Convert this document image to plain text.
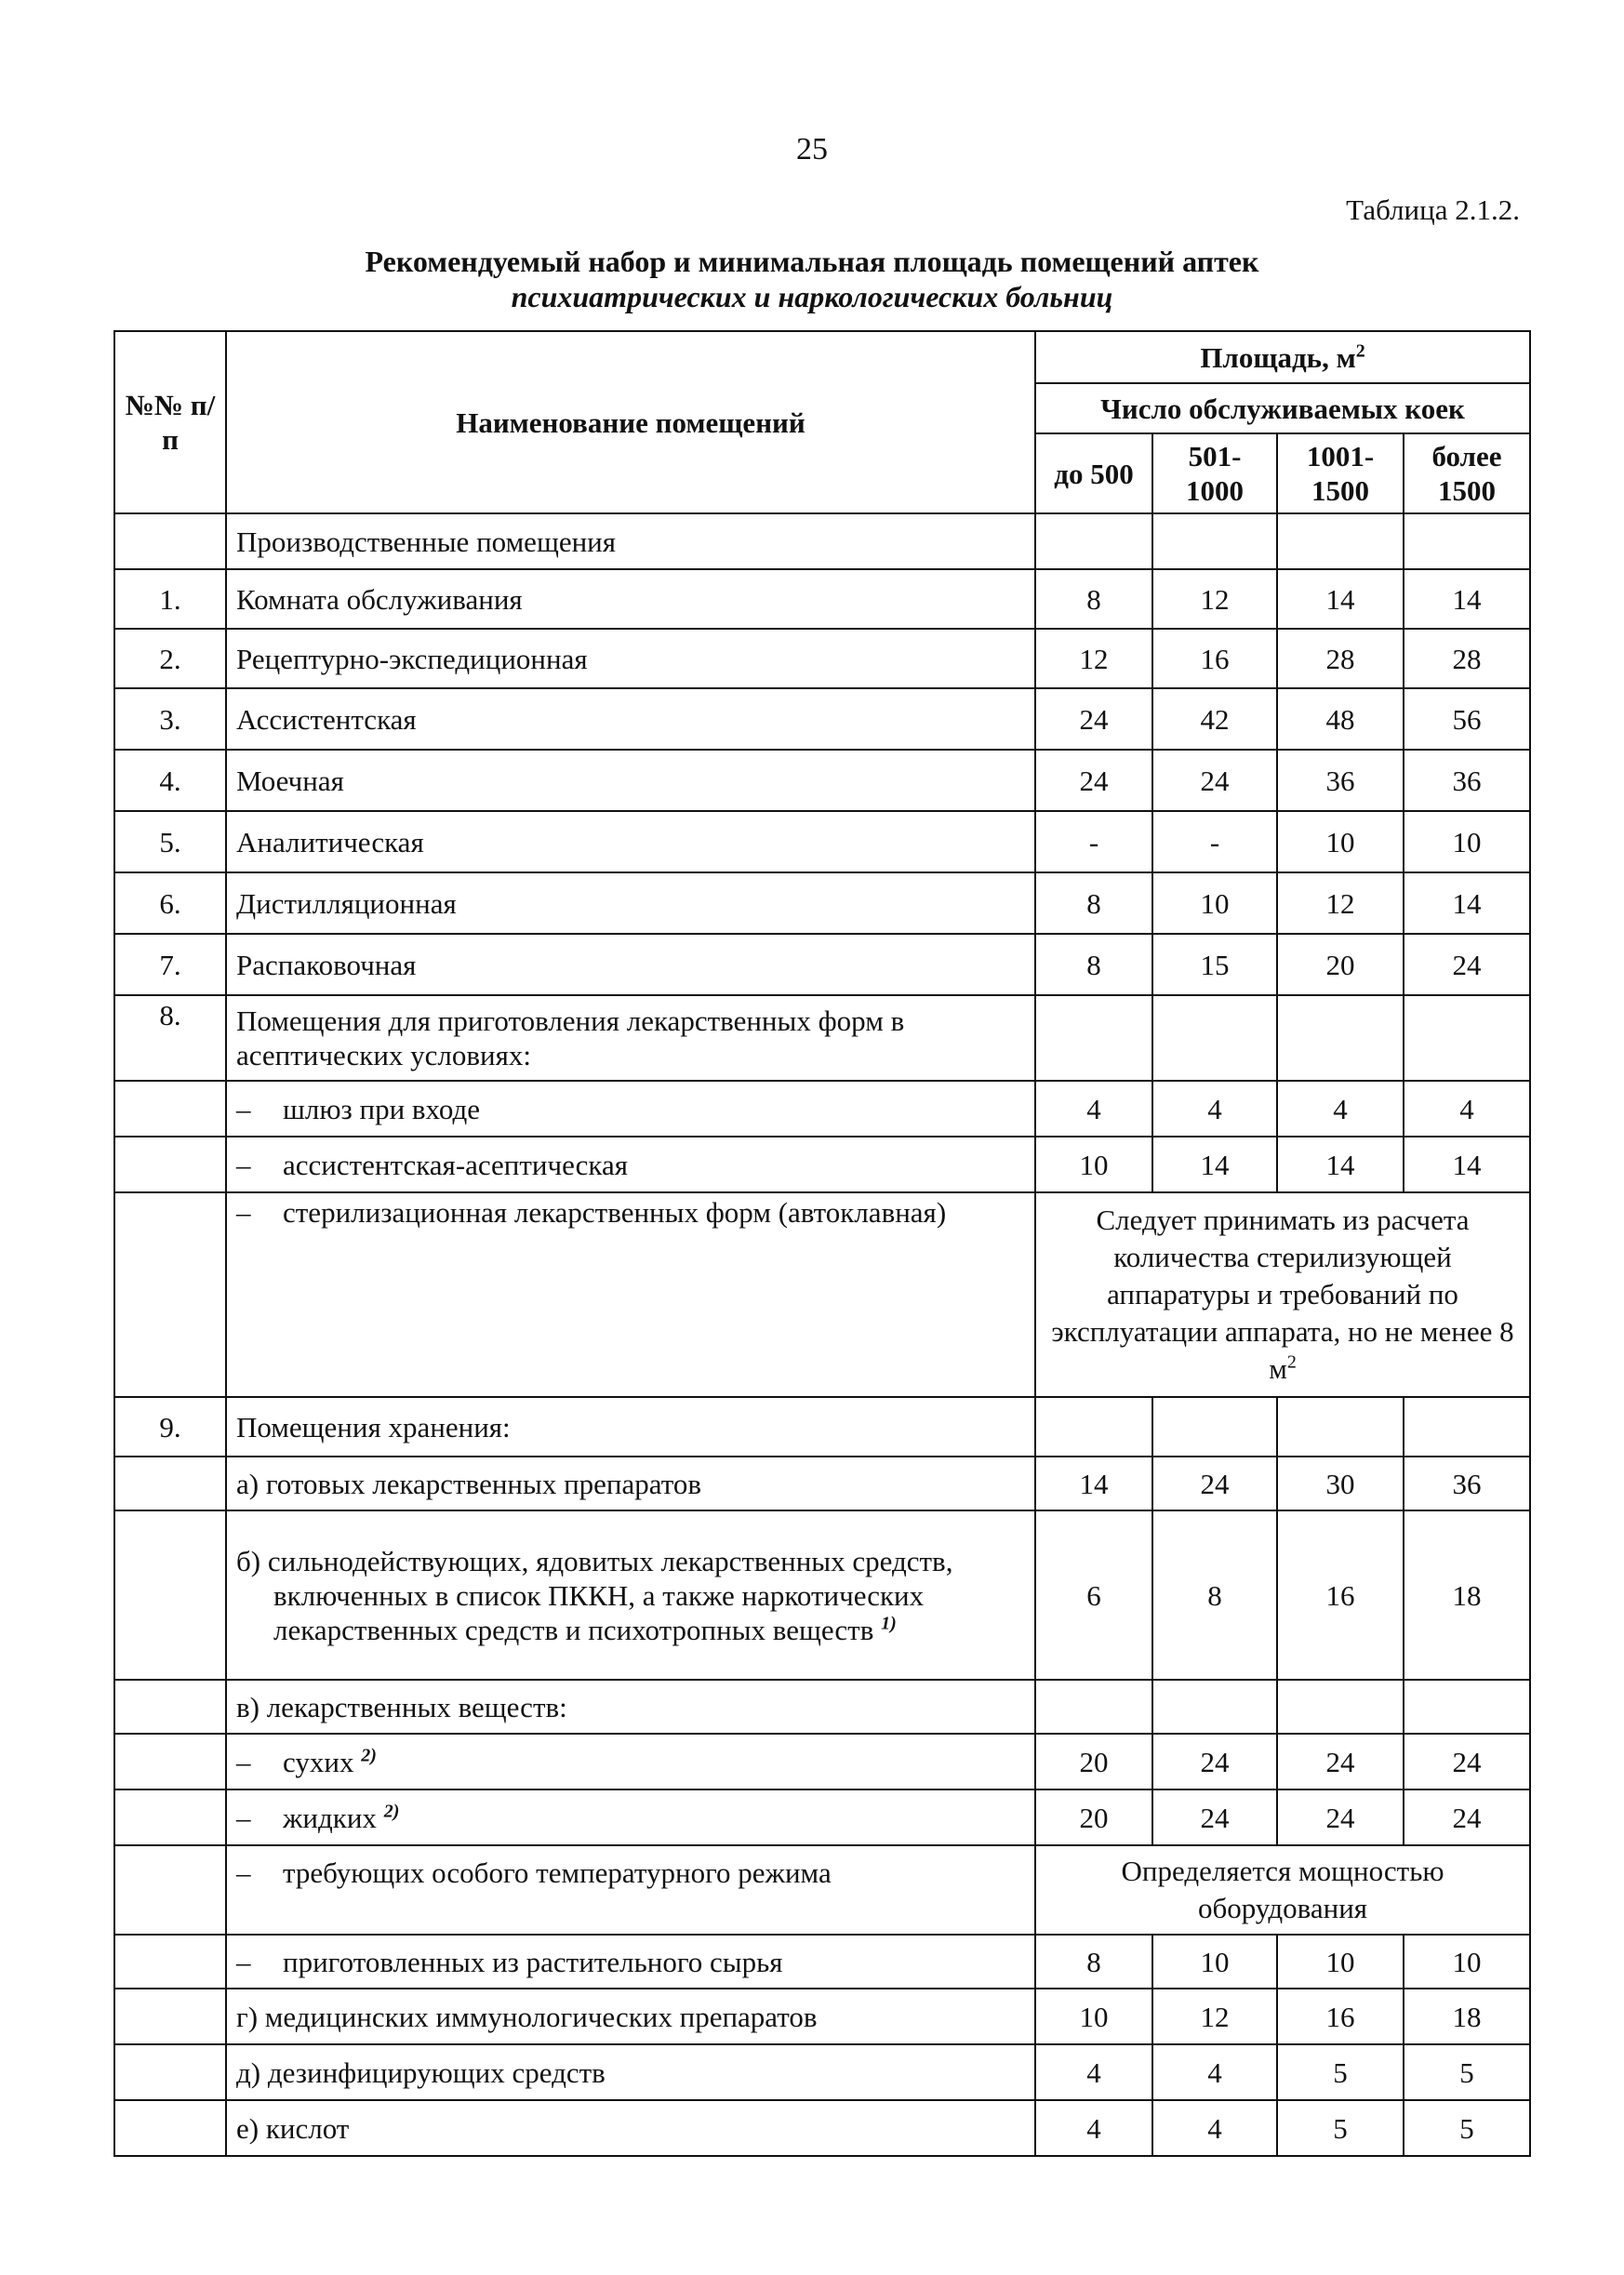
25
Таблица 2.1.2.
Рекомендуемый набор и минимальная площадь помещений аптек
психиатрических и наркологических больниц
№№ п/п	Наименование помещений	Площадь, $м^2$
		Число обслуживаемых коек			
		до 500	501- 1000	1001- 1500	более 1500
	Производственные помещения				
1.	Комната обслуживания	8	12	14	14
2.	Рецептурно-экспедиционная	12	16	28	28
3.	Ассистентская	24	42	48	56
4.	Моечная	24	24	36	36
5.	Аналитическая	-	-	10	10
6.	Дистилляционная	8	10	12	14
7.	Распаковочная	8	15	20	24
8.	Помещения для приготовления лекарственных форм в асептических условиях:				
	– шлюз при входе	4	4	4	4
	– ассистентская-асептическая	10	14	14	14

	– стерилизационная лекарственных форм (автоклавная)	Следует принимать из расчета количества стерилизующей аппаратуры и требований по эксплуатации аппарата, но не менее 8 $м^2$
9.	Помещения хранения:				
	а) готовых лекарственных препаратов	14	24	30	36

	б) сильнодействующих, ядовитых лекарственных средств, включенных в список ПККН, а также наркотических лекарственных средств и психотропных веществ $^{1)}$	6	8	16	18
	в) лекарственных веществ:				
	– сухих $^{2)}$	20	24	24	24
	– жидких $^{2)}$	20	24	24	24
	– требующих особого температурного режима	Определяется мощностью оборудования			
	– приготовленных из растительного сырья	8	10	10	10
	г) медицинских иммунологических препаратов	10	12	16	18
	д) дезинфицирующих средств	4	4	5	5
	е) кислот	4	4	5	5
